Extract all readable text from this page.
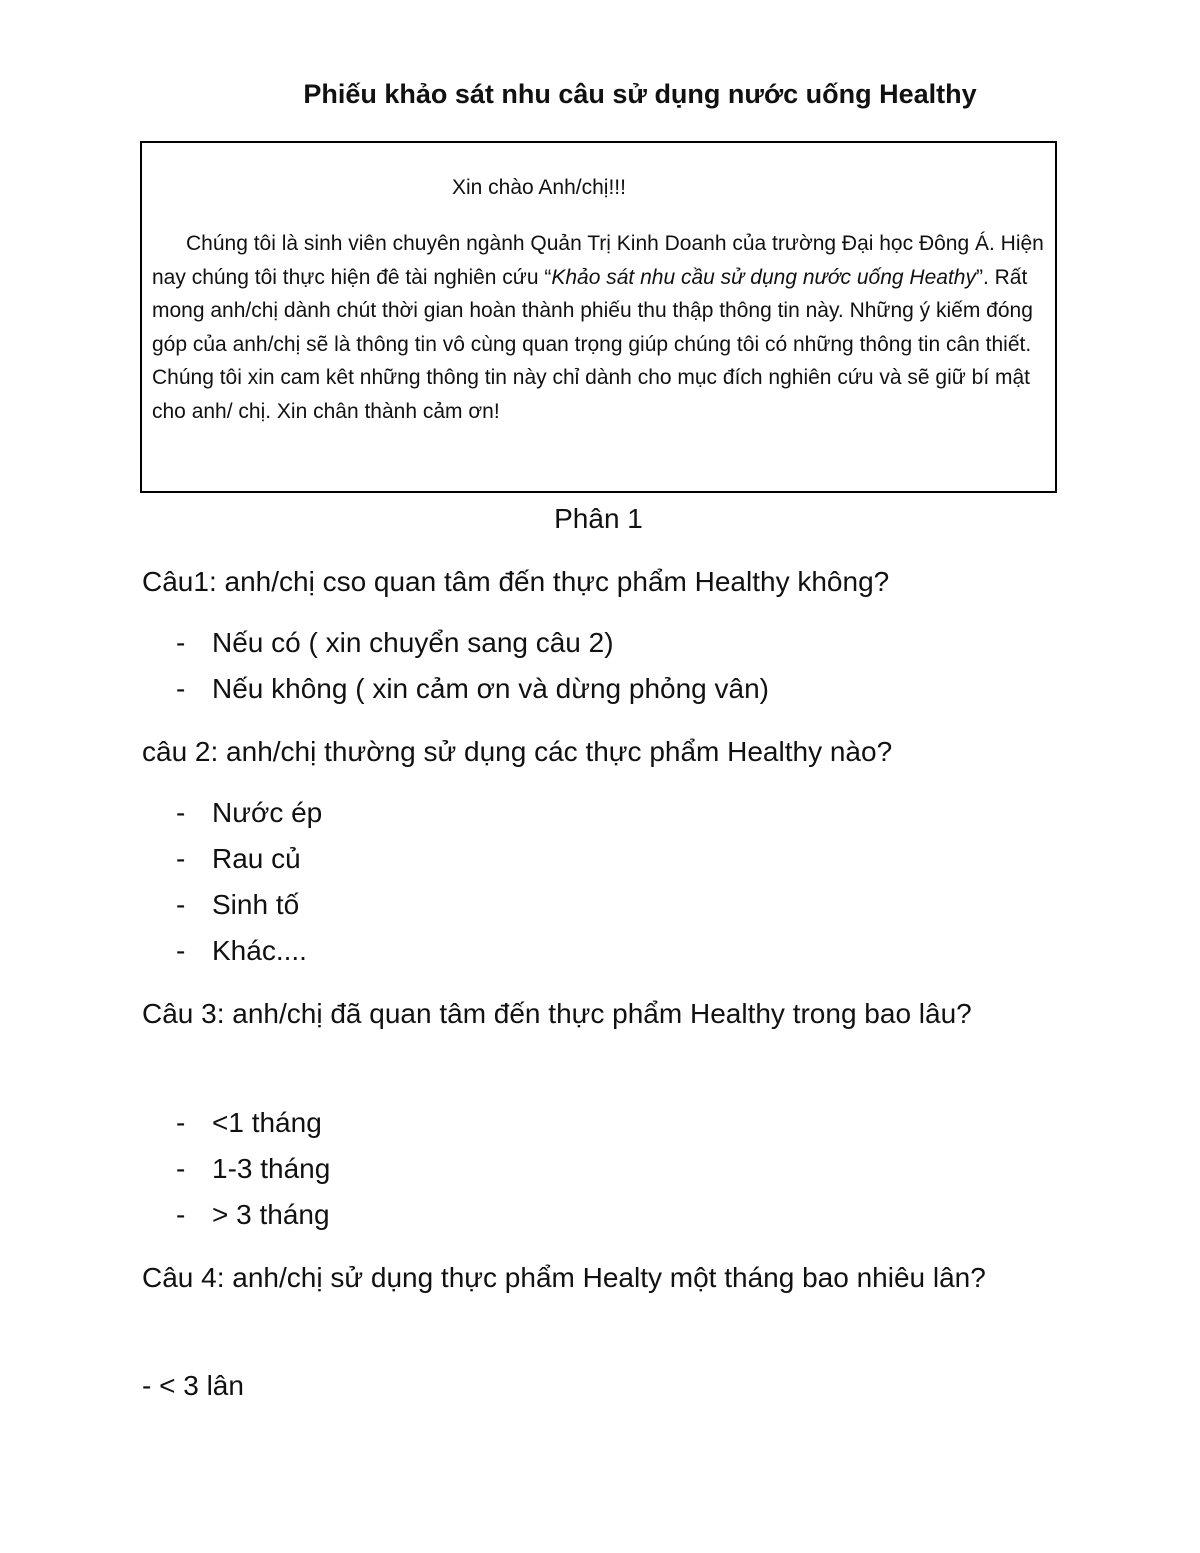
Phiếu khảo sát nhu câu sử dụng nước uống Healthy
Xin chào Anh/chị!!!
Chúng tôi là sinh viên chuyên ngành Quản Trị Kinh Doanh của trường Đại học Đông Á. Hiện nay chúng tôi thực hiện đê tài nghiên cứu “Khảo sát nhu cầu sử dụng nước uống Heathy”. Rất mong anh/chị dành chút thời gian hoàn thành phiếu thu thập thông tin này. Những ý kiếm đóng góp của anh/chị sẽ là thông tin vô cùng quan trọng giúp chúng tôi có những thông tin cân thiết. Chúng tôi xin cam kêt những thông tin này chỉ dành cho mục đích nghiên cứu và sẽ giữ bí mật cho anh/ chị. Xin chân thành cảm ơn!
Phân 1
Câu1: anh/chị cso quan tâm đến thực phẩm Healthy không?
- Nếu có ( xin chuyển sang câu 2)
- Nếu không ( xin cảm ơn và dừng phỏng vân)
câu 2: anh/chị thường sử dụng các thực phẩm Healthy nào?
- Nước ép
- Rau củ
- Sinh tố
- Khác....
Câu 3: anh/chị đã quan tâm đến thực phẩm Healthy trong bao lâu?
- <1 tháng
- 1-3 tháng
- > 3 tháng
Câu 4: anh/chị sử dụng thực phẩm Healty một tháng bao nhiêu lân?
- < 3 lân
